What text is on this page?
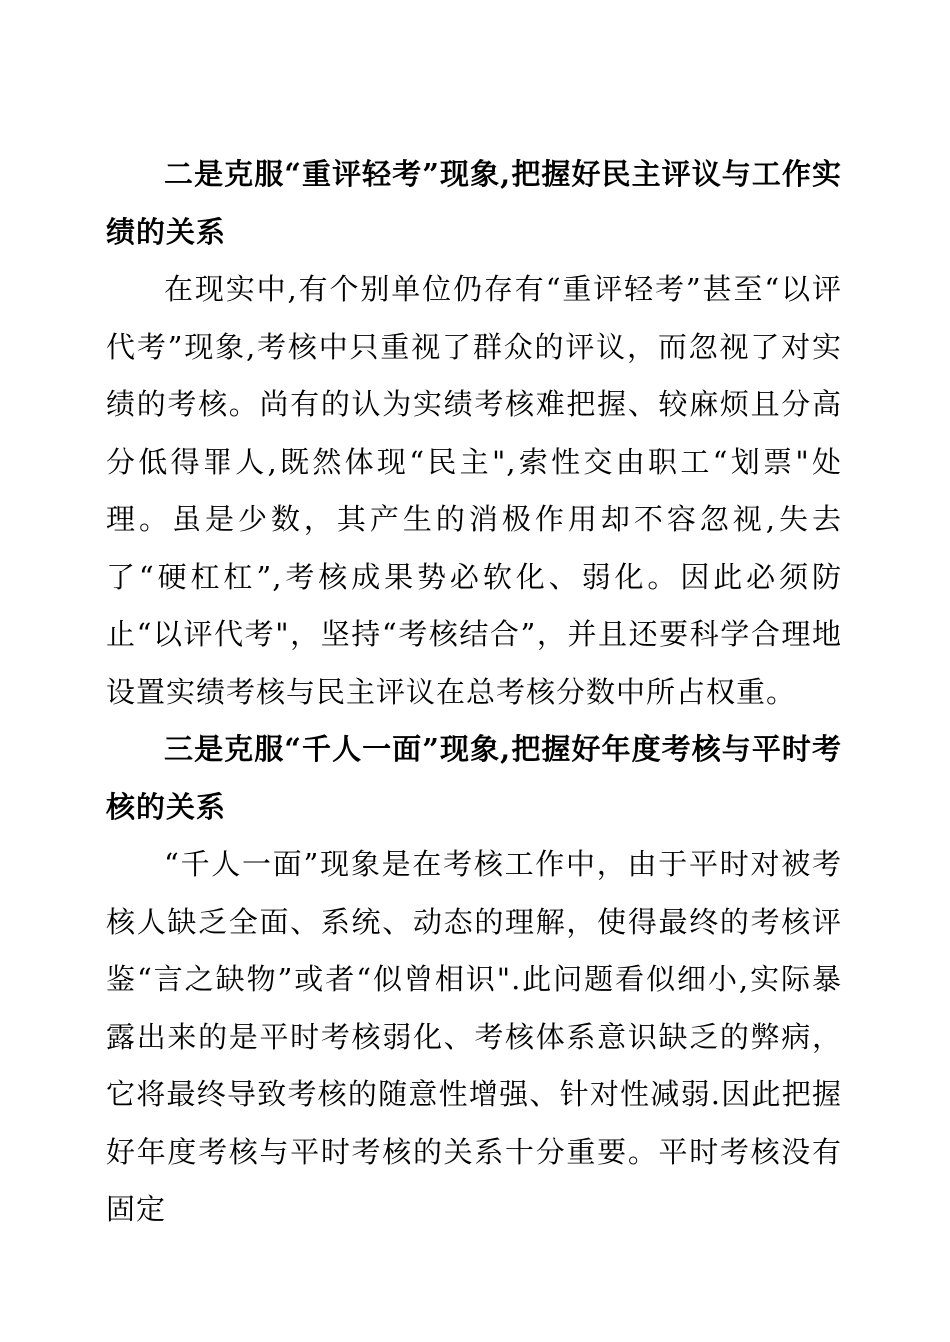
二是克服“重评轻考”现象,把握好民主评议与工作实绩的关系

在现实中,有个别单位仍存有“重评轻考”甚至“以评代考”现象,考核中只重视了群众的评议，而忽视了对实绩的考核。尚有的认为实绩考核难把握、较麻烦且分高分低得罪人,既然体现“民主",索性交由职工“划票"处理。虽是少数，其产生的消极作用却不容忽视,失去了“硬杠杠”,考核成果势必软化、弱化。因此必须防止“以评代考"，坚持“考核结合”，并且还要科学合理地设置实绩考核与民主评议在总考核分数中所占权重。

三是克服“千人一面”现象,把握好年度考核与平时考核的关系

“千人一面”现象是在考核工作中，由于平时对被考核人缺乏全面、系统、动态的理解，使得最终的考核评鉴“言之缺物”或者“似曾相识".此问题看似细小,实际暴露出来的是平时考核弱化、考核体系意识缺乏的弊病，它将最终导致考核的随意性增强、针对性减弱.因此把握好年度考核与平时考核的关系十分重要。平时考核没有固定
